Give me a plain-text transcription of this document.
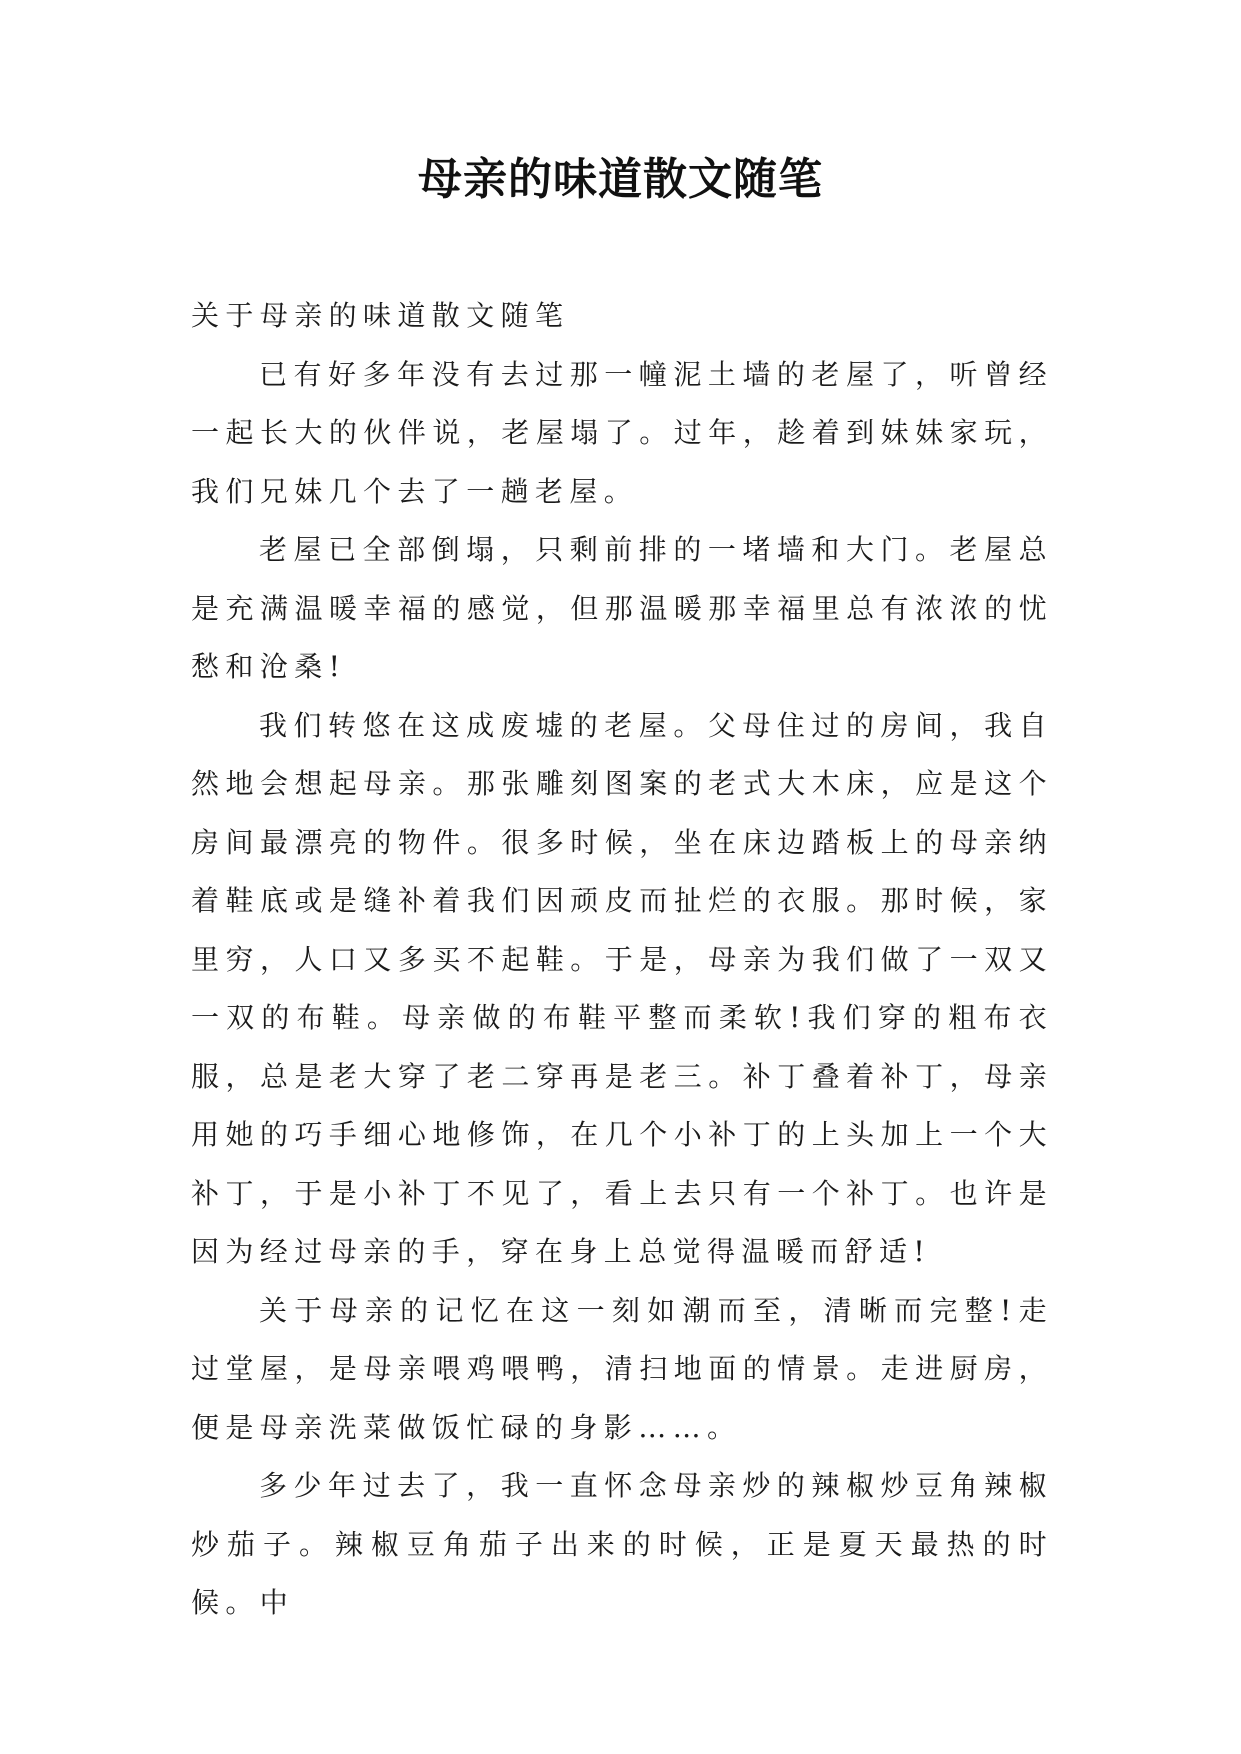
母亲的味道散文随笔

关于母亲的味道散文随笔

已有好多年没有去过那一幢泥土墙的老屋了，听曾经一起长大的伙伴说，老屋塌了。过年，趁着到妹妹家玩，我们兄妹几个去了一趟老屋。

老屋已全部倒塌，只剩前排的一堵墙和大门。老屋总是充满温暖幸福的感觉，但那温暖那幸福里总有浓浓的忧愁和沧桑!

我们转悠在这成废墟的老屋。父母住过的房间，我自然地会想起母亲。那张雕刻图案的老式大木床，应是这个房间最漂亮的物件。很多时候，坐在床边踏板上的母亲纳着鞋底或是缝补着我们因顽皮而扯烂的衣服。那时候，家里穷，人口又多买不起鞋。于是，母亲为我们做了一双又一双的布鞋。母亲做的布鞋平整而柔软!我们穿的粗布衣服，总是老大穿了老二穿再是老三。补丁叠着补丁，母亲用她的巧手细心地修饰，在几个小补丁的上头加上一个大补丁，于是小补丁不见了，看上去只有一个补丁。也许是因为经过母亲的手，穿在身上总觉得温暖而舒适!

关于母亲的记忆在这一刻如潮而至，清晰而完整!走过堂屋，是母亲喂鸡喂鸭，清扫地面的情景。走进厨房，便是母亲洗菜做饭忙碌的身影……。

多少年过去了，我一直怀念母亲炒的辣椒炒豆角辣椒炒茄子。辣椒豆角茄子出来的时候，正是夏天最热的时候。中
